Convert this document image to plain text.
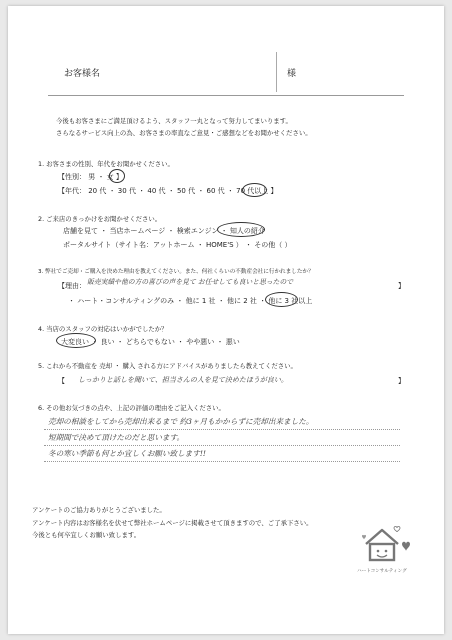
お客様名	様
今後もお客さまにご満足頂けるよう、スタッフ一丸となって努力してまいります。
さらなるサービス向上の為、お客さまの率直なご意見・ご感想などをお聞かせください。
1. お客さまの性別、年代をお聞かせください。
【性別： 男 ・ 女 】
【年代： 20 代 ・ 30 代 ・ 40 代 ・ 50 代 ・ 60 代 ・ 70 代以上 】
2. ご来店のきっかけをお聞かせください。
店舗を見て ・ 当店ホームページ ・ 検索エンジン ・ 知人の紹介
ポータルサイト（サイト名：アットホーム ・ HOME'S ） ・ その他（ ）
3. 弊社でご売却・ご購入を決めた理由を教えてください。また、何社くらいの不動産会社に行かれましたか？
【理由： 販売実績や他の方の喜びの声を見て お任せしても良いと思ったので	】
・ ハート・コンサルティングのみ ・ 他に 1 社 ・ 他に 2 社 ・ 他に 3 社以上
4. 当店のスタッフの対応はいかがでしたか？
大変良い ・ 良い ・ どちらでもない ・ やや悪い ・ 悪い
5. これから不動産を 売却 ・ 購入 される方にアドバイスがありましたら教えてください。
【 しっかりと話しを聞いて、担当さんの人を見て決めたほうが良い。	】
6. その他お気づきの点や、上記の評価の理由をご記入ください。
売却の相談をしてから売却出来るまで 約3ヶ月もかからずに売却出来ました。
短期間で決めて頂けたのだと思います。
冬の寒い季節も何とか宜しくお願い致します!!
アンケートのご協力ありがとうございました。
アンケート内容はお客様名を伏せて弊社ホームページに掲載させて頂きますので、ご了承下さい。
今後とも何卒宜しくお願い致します。
ハートコンサルティング
